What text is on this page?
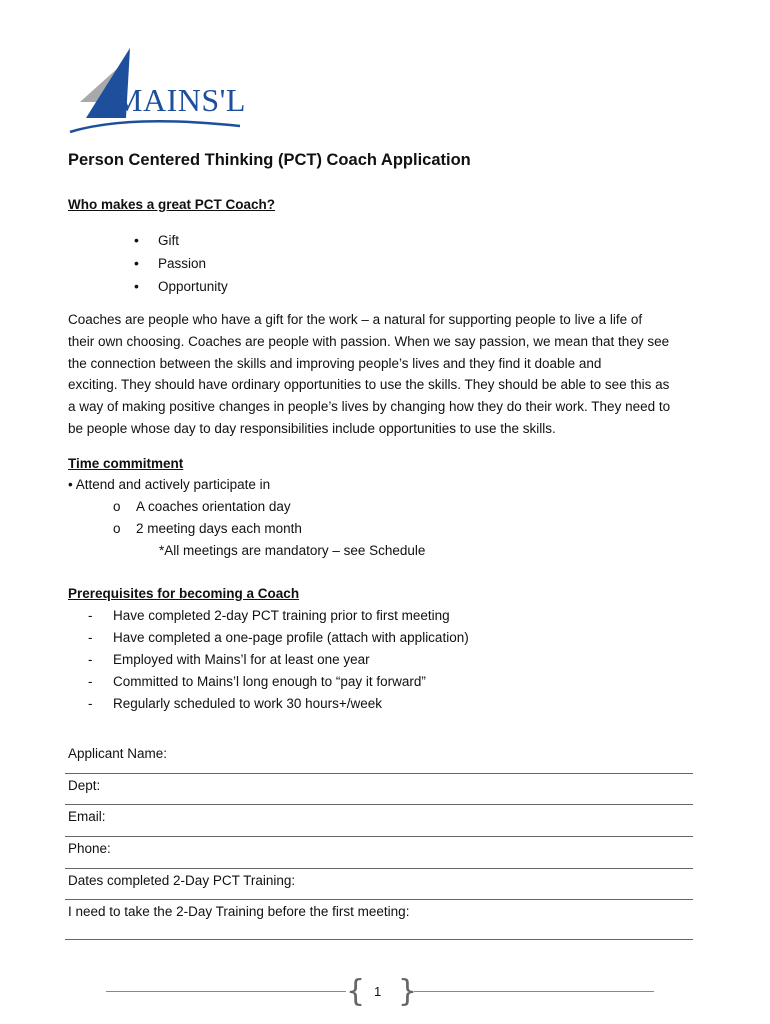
MAINS'L
Person Centered Thinking (PCT) Coach Application
Who makes a great PCT Coach?
• Gift
• Passion
• Opportunity
Coaches are people who have a gift for the work – a natural for supporting people to live a life of
their own choosing. Coaches are people with passion. When we say passion, we mean that they see
the connection between the skills and improving people’s lives and they find it doable and
exciting. They should have ordinary opportunities to use the skills. They should be able to see this as
a way of making positive changes in people’s lives by changing how they do their work. They need to
be people whose day to day responsibilities include opportunities to use the skills.
Time commitment
• Attend and actively participate in
o A coaches orientation day
o 2 meeting days each month
*All meetings are mandatory – see Schedule
Prerequisites for becoming a Coach
- Have completed 2-day PCT training prior to first meeting
- Have completed a one-page profile (attach with application)
- Employed with Mains’l for at least one year
- Committed to Mains’l long enough to “pay it forward”
- Regularly scheduled to work 30 hours+/week
Applicant Name:
Dept:
Email:
Phone:
Dates completed 2-Day PCT Training:
I need to take the 2-Day Training before the first meeting:
{ 1 }
